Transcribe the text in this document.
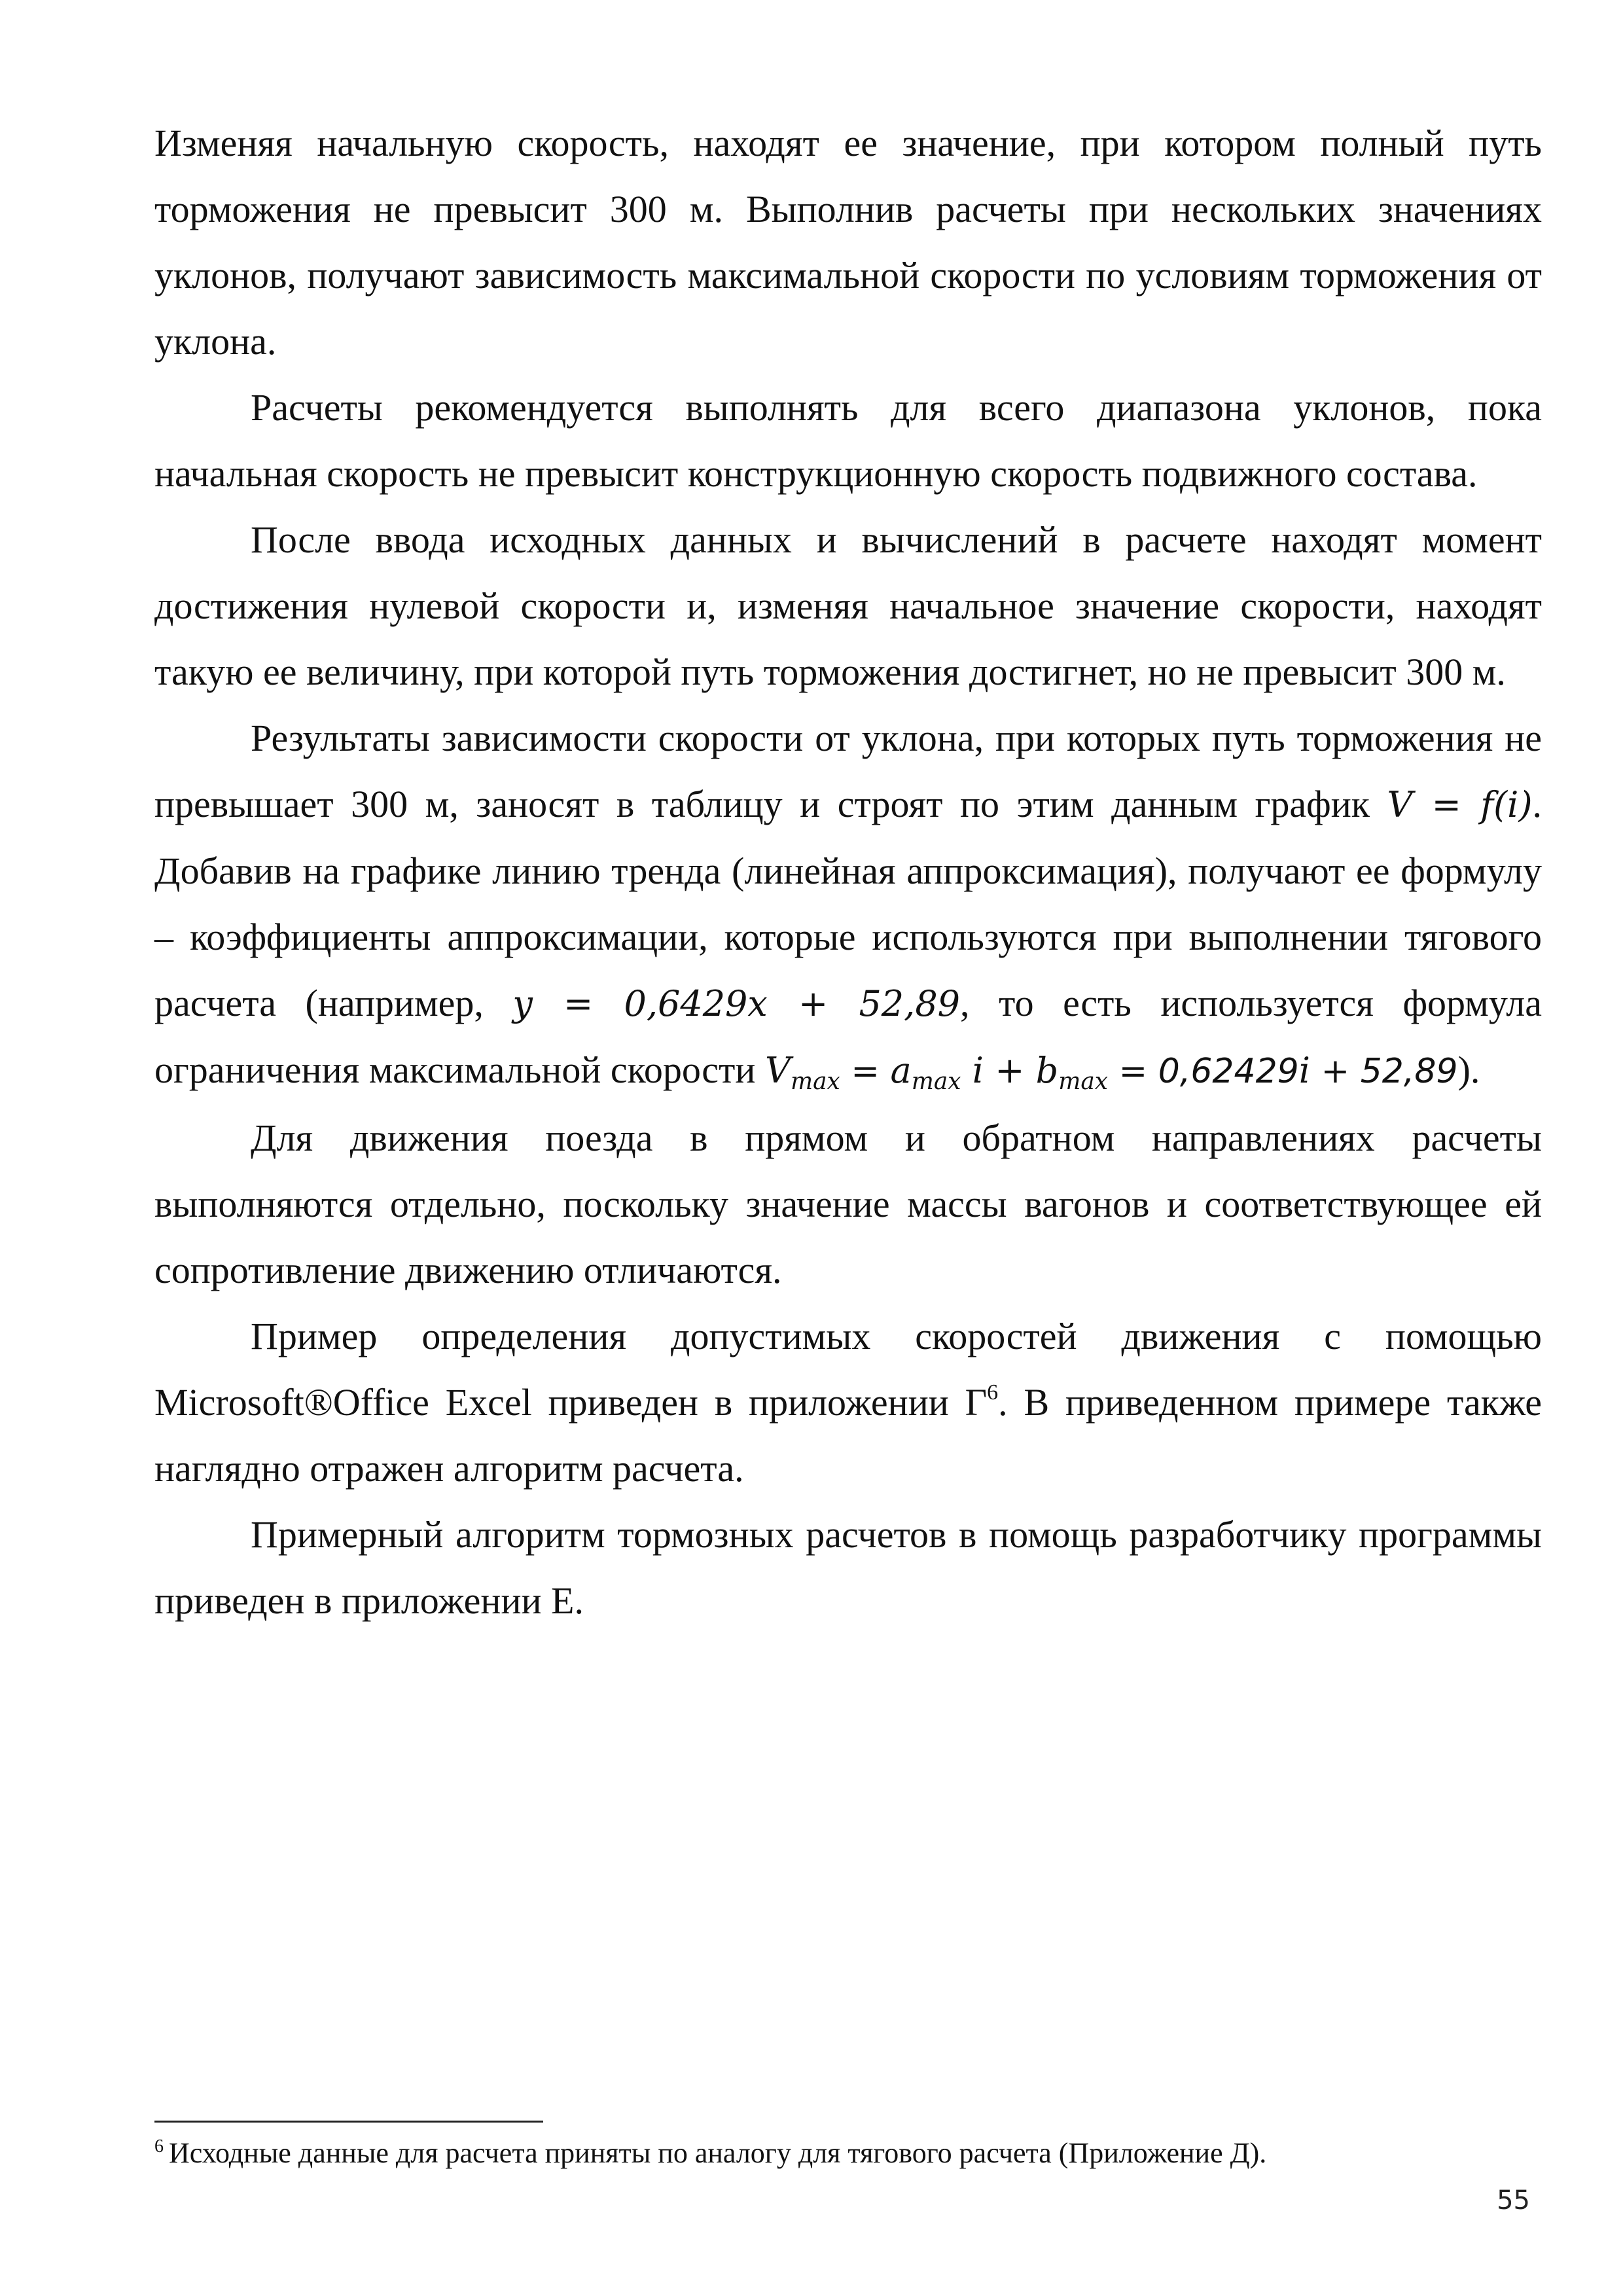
Изменяя начальную скорость, находят ее значение, при котором полный путь торможения не превысит 300 м. Выполнив расчеты при нескольких значениях уклонов, получают зависимость максимальной скорости по условиям торможения от уклона.

Расчеты рекомендуется выполнять для всего диапазона уклонов, пока начальная скорость не превысит конструкционную скорость подвижного состава.

После ввода исходных данных и вычислений в расчете находят момент достижения нулевой скорости и, изменяя начальное значение скорости, находят такую ее величину, при которой путь торможения достигнет, но не превысит 300 м.

Результаты зависимости скорости от уклона, при которых путь торможения не превышает 300 м, заносят в таблицу и строят по этим данным график V = f(i). Добавив на графике линию тренда (линейная аппроксимация), получают ее формулу – коэффициенты аппроксимации, которые используются при выполнении тягового расчета (например, y = 0,6429x + 52,89, то есть используется формула ограничения максимальной скорости $V_{max} = a_{max}$ $i + b_{max} = 0,62429i + 52,89$).

Для движения поезда в прямом и обратном направлениях расчеты выполняются отдельно, поскольку значение массы вагонов и соответствующее ей сопротивление движению отличаются.

Пример определения допустимых скоростей движения с помощью Microsoft®Office Excel приведен в приложении $Г^6$. В приведенном примере также наглядно отражен алгоритм расчета.

Примерный алгоритм тормозных расчетов в помощь разработчику программы приведен в приложении Е.

$^6$ Исходные данные для расчета приняты по аналогу для тягового расчета (Приложение Д).
55
